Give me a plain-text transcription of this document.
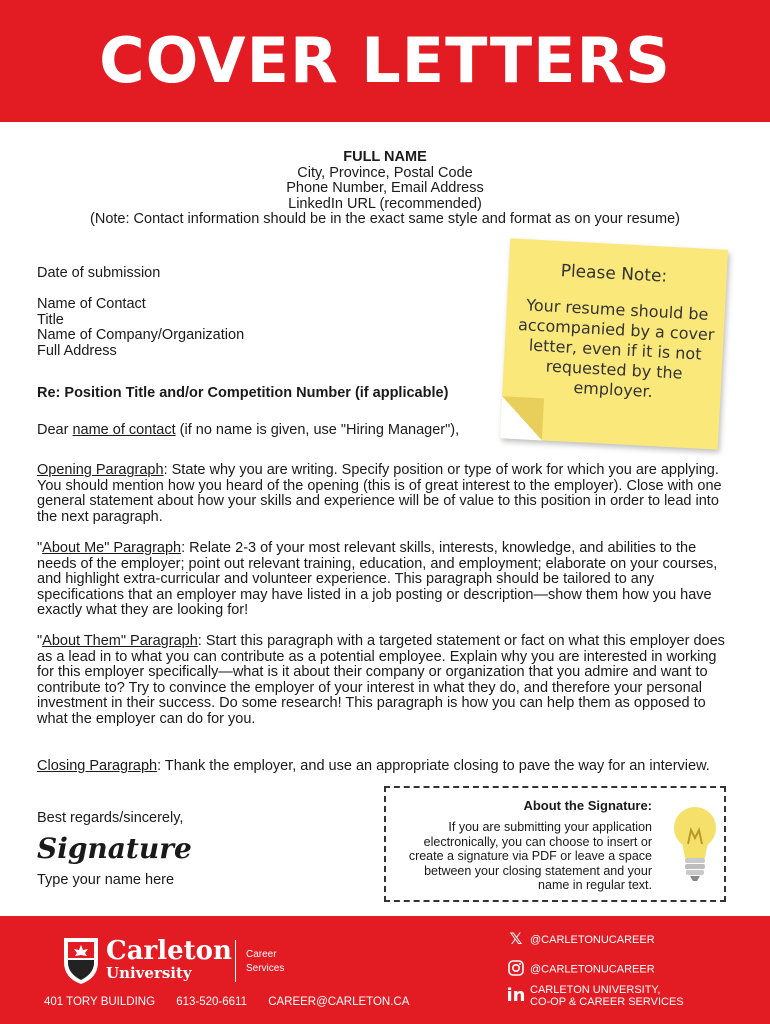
COVER LETTERS
FULL NAME
City, Province, Postal Code
Phone Number, Email Address
LinkedIn URL (recommended)
(Note: Contact information should be in the exact same style and format as on your resume)
Date of submission
Name of Contact
Title
Name of Company/Organization
Full Address
Re: Position Title and/or Competition Number (if applicable)
Dear name of contact (if no name is given, use "Hiring Manager"),
Opening Paragraph: State why you are writing. Specify position or type of work for which you are applying. You should mention how you heard of the opening (this is of great interest to the employer). Close with one general statement about how your skills and experience will be of value to this position in order to lead into the next paragraph.
"About Me" Paragraph: Relate 2-3 of your most relevant skills, interests, knowledge, and abilities to the needs of the employer; point out relevant training, education, and employment; elaborate on your courses, and highlight extra-curricular and volunteer experience. This paragraph should be tailored to any specifications that an employer may have listed in a job posting or description—show them how you have exactly what they are looking for!
"About Them" Paragraph: Start this paragraph with a targeted statement or fact on what this employer does as a lead in to what you can contribute as a potential employee. Explain why you are interested in working for this employer specifically—what is it about their company or organization that you admire and want to contribute to? Try to convince the employer of your interest in what they do, and therefore your personal investment in their success. Do some research! This paragraph is how you can help them as opposed to what the employer can do for you.
Closing Paragraph: Thank the employer, and use an appropriate closing to pave the way for an interview.
Best regards/sincerely,
Signature
Type your name here
Please Note:
Your resume should be accompanied by a cover letter, even if it is not requested by the employer.
About the Signature:
If you are submitting your application electronically, you can choose to insert or create a signature via PDF or leave a space between your closing statement and your name in regular text.
Carleton
University
Career
Services
401 TORY BUILDING 613-520-6611 CAREER@CARLETON.CA
𝕏 @CARLETONUCAREER
@CARLETONUCAREER
in CARLETON UNIVERSITY,
CO-OP & CAREER SERVICES
